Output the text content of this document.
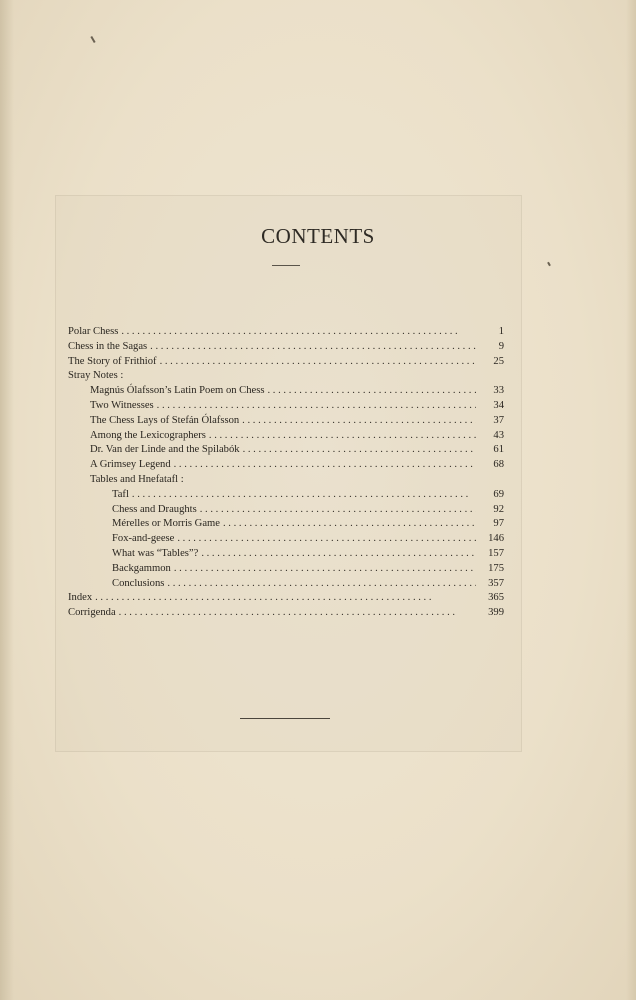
CONTENTS
Polar Chess . . .	1
Chess in the Sagas . . .	9
The Story of Frithiof . . .	25
Stray Notes :
Magnús Ólafsson’s Latin Poem on Chess . . .	33
Two Witnesses . . .	34
The Chess Lays of Stefán Ólafsson . . .	37
Among the Lexicographers . . .	43
Dr. Van der Linde and the Spilabók . . .	61
A Grimsey Legend . . .	68
Tables and Hnefatafl :
Tafl . . .	69
Chess and Draughts . . .	92
Mérelles or Morris Game . . .	97
Fox-and-geese . . .	146
What was “Tables”? . . .	157
Backgammon . . .	175
Conclusions . . .	357
Index . . .	365
Corrigenda . . .	399
